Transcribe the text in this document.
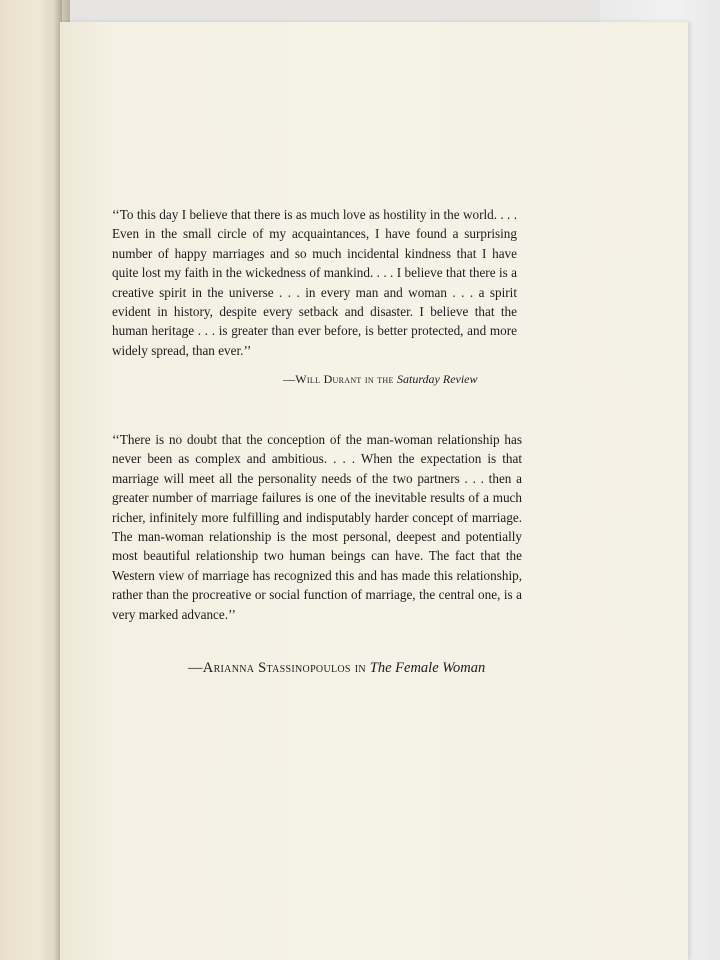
‘‘To this day I believe that there is as much love as hostility in the world. . . . Even in the small circle of my acquaintances, I have found a surprising number of happy marriages and so much incidental kindness that I have quite lost my faith in the wickedness of mankind. . . . I believe that there is a creative spirit in the universe . . . in every man and woman . . . a spirit evident in history, despite every setback and disaster. I believe that the human heritage . . . is greater than ever before, is better protected, and more widely spread, than ever.’’

—Will Durant in the Saturday Review

‘‘There is no doubt that the conception of the man-woman relationship has never been as complex and ambitious. . . . When the expectation is that marriage will meet all the personality needs of the two partners . . . then a greater number of marriage failures is one of the inevitable results of a much richer, infinitely more fulfilling and indisputably harder concept of marriage. The man-woman relationship is the most personal, deepest and potentially most beautiful relationship two human beings can have. The fact that the Western view of marriage has recognized this and has made this relationship, rather than the procreative or social function of marriage, the central one, is a very marked advance.’’

—Arianna Stassinopoulos in The Female Woman
